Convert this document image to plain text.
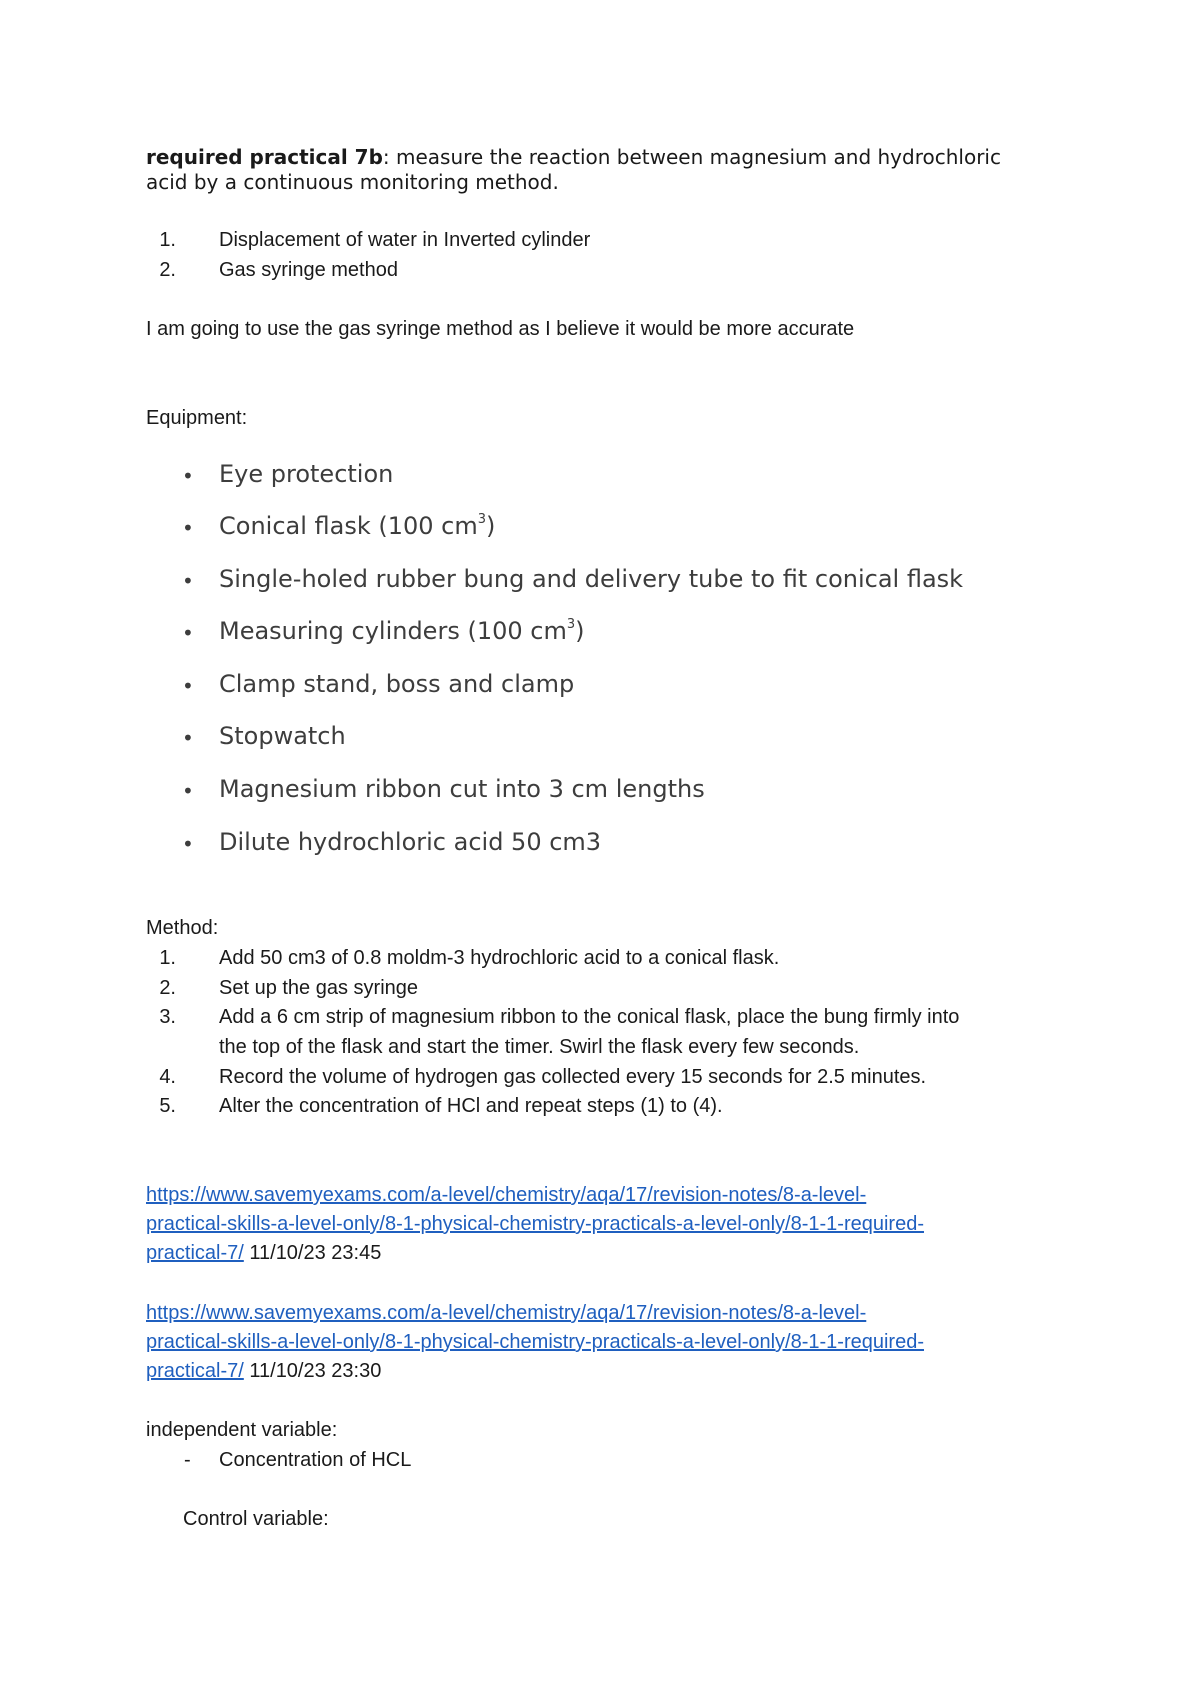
required practical 7b: measure the reaction between magnesium and hydrochloric
acid by a continuous monitoring method.
1. Displacement of water in Inverted cylinder
2. Gas syringe method
I am going to use the gas syringe method as I believe it would be more accurate
Equipment:
• Eye protection
• Conical flask (100 $cm^3$)
• Single-holed rubber bung and delivery tube to fit conical flask
• Measuring cylinders (100 $cm^3$)
• Clamp stand, boss and clamp
• Stopwatch
• Magnesium ribbon cut into 3 cm lengths
• Dilute hydrochloric acid 50 cm3
Method:
1. Add 50 cm3 of 0.8 moldm-3 hydrochloric acid to a conical flask.
2. Set up the gas syringe
3. Add a 6 cm strip of magnesium ribbon to the conical flask, place the bung firmly into
the top of the flask and start the timer. Swirl the flask every few seconds.
4. Record the volume of hydrogen gas collected every 15 seconds for 2.5 minutes.
5. Alter the concentration of HCl and repeat steps (1) to (4).
https://www.savemyexams.com/a-level/chemistry/aqa/17/revision-notes/8-a-level-
practical-skills-a-level-only/8-1-physical-chemistry-practicals-a-level-only/8-1-1-required-
practical-7/ 11/10/23 23:45
https://www.savemyexams.com/a-level/chemistry/aqa/17/revision-notes/8-a-level-
practical-skills-a-level-only/8-1-physical-chemistry-practicals-a-level-only/8-1-1-required-
practical-7/ 11/10/23 23:30
independent variable:
- Concentration of HCL
Control variable:
